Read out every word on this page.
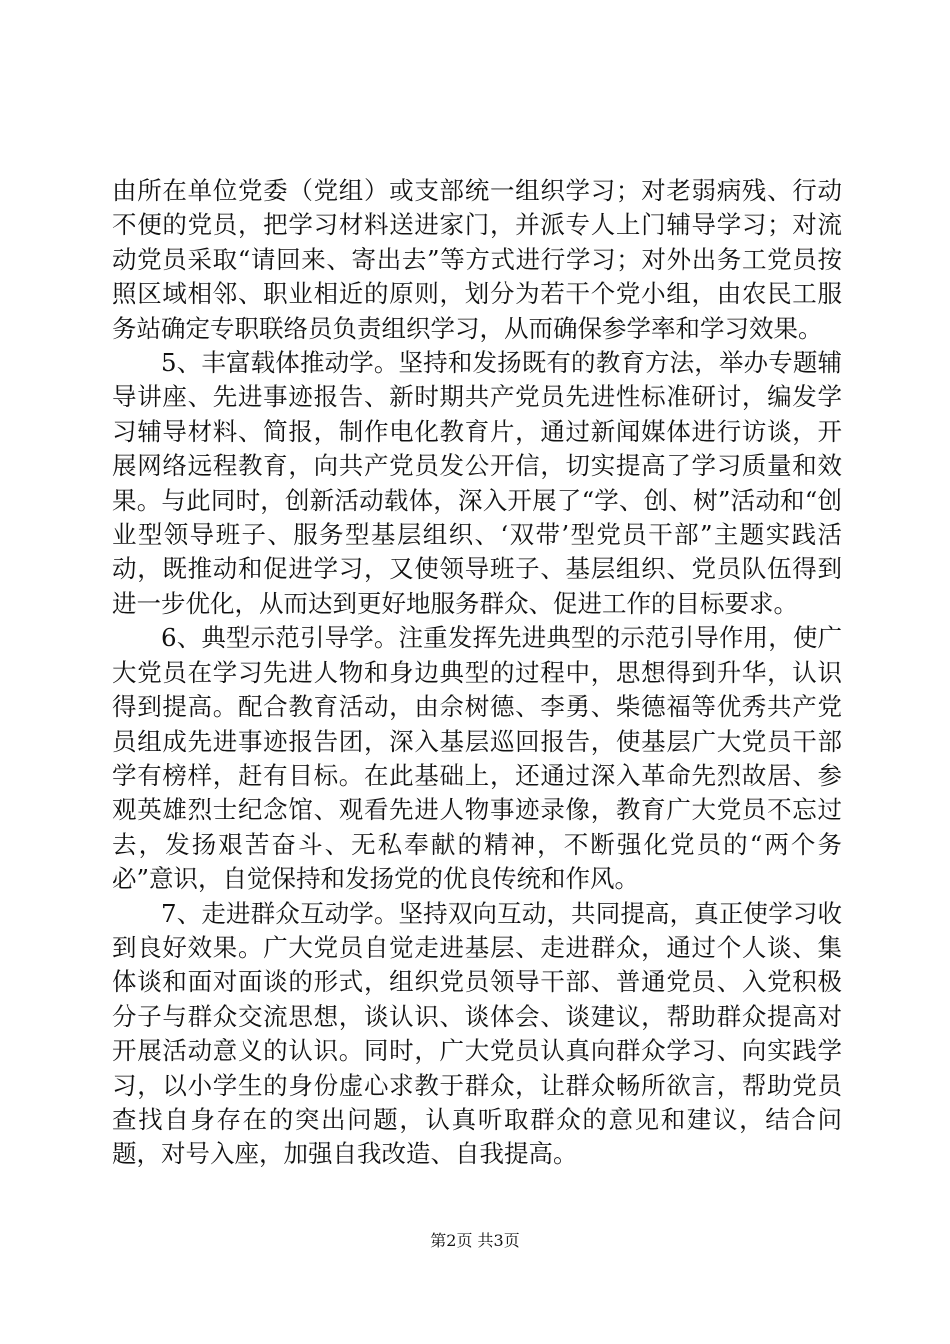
由所在单位党委（党组）或支部统一组织学习；对老弱病残、行动不便的党员，把学习材料送进家门，并派专人上门辅导学习；对流动党员采取“请回来、寄出去”等方式进行学习；对外出务工党员按照区域相邻、职业相近的原则，划分为若干个党小组，由农民工服务站确定专职联络员负责组织学习，从而确保参学率和学习效果。

5、丰富载体推动学。坚持和发扬既有的教育方法，举办专题辅导讲座、先进事迹报告、新时期共产党员先进性标准研讨，编发学习辅导材料、简报，制作电化教育片，通过新闻媒体进行访谈，开展网络远程教育，向共产党员发公开信，切实提高了学习质量和效果。与此同时，创新活动载体，深入开展了“学、创、树”活动和“创业型领导班子、服务型基层组织、‘双带’型党员干部”主题实践活动，既推动和促进学习，又使领导班子、基层组织、党员队伍得到进一步优化，从而达到更好地服务群众、促进工作的目标要求。

6、典型示范引导学。注重发挥先进典型的示范引导作用，使广大党员在学习先进人物和身边典型的过程中，思想得到升华，认识得到提高。配合教育活动，由佘树德、李勇、柴德福等优秀共产党员组成先进事迹报告团，深入基层巡回报告，使基层广大党员干部学有榜样，赶有目标。在此基础上，还通过深入革命先烈故居、参观英雄烈士纪念馆、观看先进人物事迹录像，教育广大党员不忘过去，发扬艰苦奋斗、无私奉献的精神，不断强化党员的“两个务必”意识，自觉保持和发扬党的优良传统和作风。

7、走进群众互动学。坚持双向互动，共同提高，真正使学习收到良好效果。广大党员自觉走进基层、走进群众，通过个人谈、集体谈和面对面谈的形式，组织党员领导干部、普通党员、入党积极分子与群众交流思想，谈认识、谈体会、谈建议，帮助群众提高对开展活动意义的认识。同时，广大党员认真向群众学习、向实践学习，以小学生的身份虚心求教于群众，让群众畅所欲言，帮助党员查找自身存在的突出问题，认真听取群众的意见和建议，结合问题，对号入座，加强自我改造、自我提高。

第2页 共3页
